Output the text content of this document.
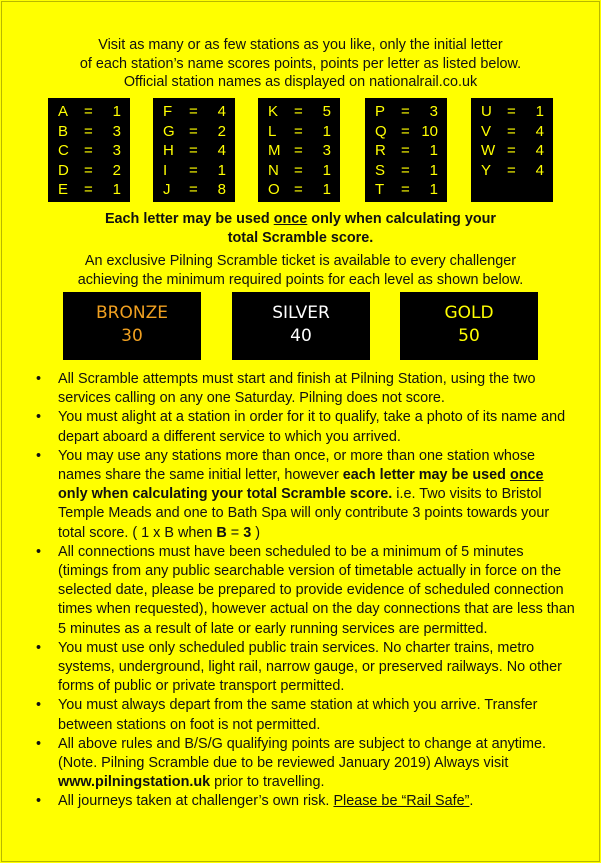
Visit as many or as few stations as you like, only the initial letter
of each station’s name scores points, points per letter as listed below.
Official station names as displayed on nationalrail.co.uk
A = 1
B = 3
C = 3
D = 2
E = 1
F = 4
G = 2
H = 4
I = 1
J = 8
K = 5
L = 1
M = 3
N = 1
O = 1
P = 3
Q = 10
R = 1
S = 1
T = 1
U = 1
V = 4
W = 4
Y = 4
Each letter may be used once only when calculating your
total Scramble score.
An exclusive Pilning Scramble ticket is available to every challenger
achieving the minimum required points for each level as shown below.
BRONZE
30
SILVER
40
GOLD
50
• All Scramble attempts must start and finish at Pilning Station, using the two services calling on any one Saturday. Pilning does not score.
• You must alight at a station in order for it to qualify, take a photo of its name and depart aboard a different service to which you arrived.
• You may use any stations more than once, or more than one station whose names share the same initial letter, however each letter may be used once only when calculating your total Scramble score. i.e. Two visits to Bristol Temple Meads and one to Bath Spa will only contribute 3 points towards your total score. ( 1 x B when B = 3 )
• All connections must have been scheduled to be a minimum of 5 minutes (timings from any public searchable version of timetable actually in force on the selected date, please be prepared to provide evidence of scheduled connection times when requested), however actual on the day connections that are less than 5 minutes as a result of late or early running services are permitted.
• You must use only scheduled public train services. No charter trains, metro systems, underground, light rail, narrow gauge, or preserved railways. No other forms of public or private transport permitted.
• You must always depart from the same station at which you arrive. Transfer between stations on foot is not permitted.
• All above rules and B/S/G qualifying points are subject to change at anytime. (Note. Pilning Scramble due to be reviewed January 2019) Always visit www.pilningstation.uk prior to travelling.
• All journeys taken at challenger’s own risk. Please be “Rail Safe”.
